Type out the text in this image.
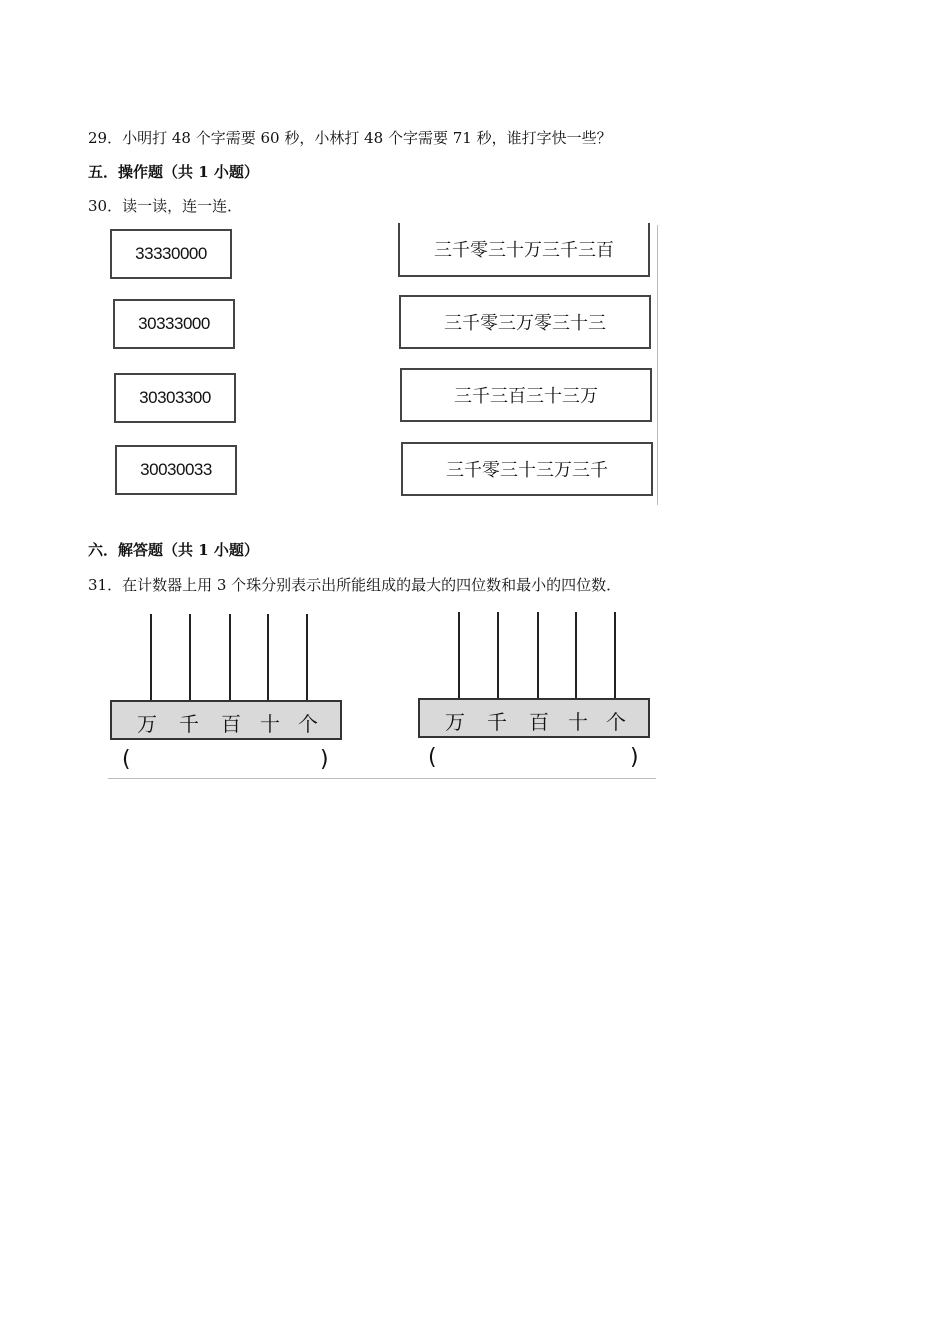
29．小明打 48 个字需要 60 秒，小林打 48 个字需要 71 秒，谁打字快一些？
五．操作题（共 1 小题）
30．读一读，连一连．
33330000
30333000
30303300
30030033
三千零三十万三千三百
三千零三万零三十三
三千三百三十三万
三千零三十三万三千
六．解答题（共 1 小题）
31．在计数器上用 3 个珠分别表示出所能组成的最大的四位数和最小的四位数．
万 千 百 十 个
(	)
万 千 百 十 个
(	)
